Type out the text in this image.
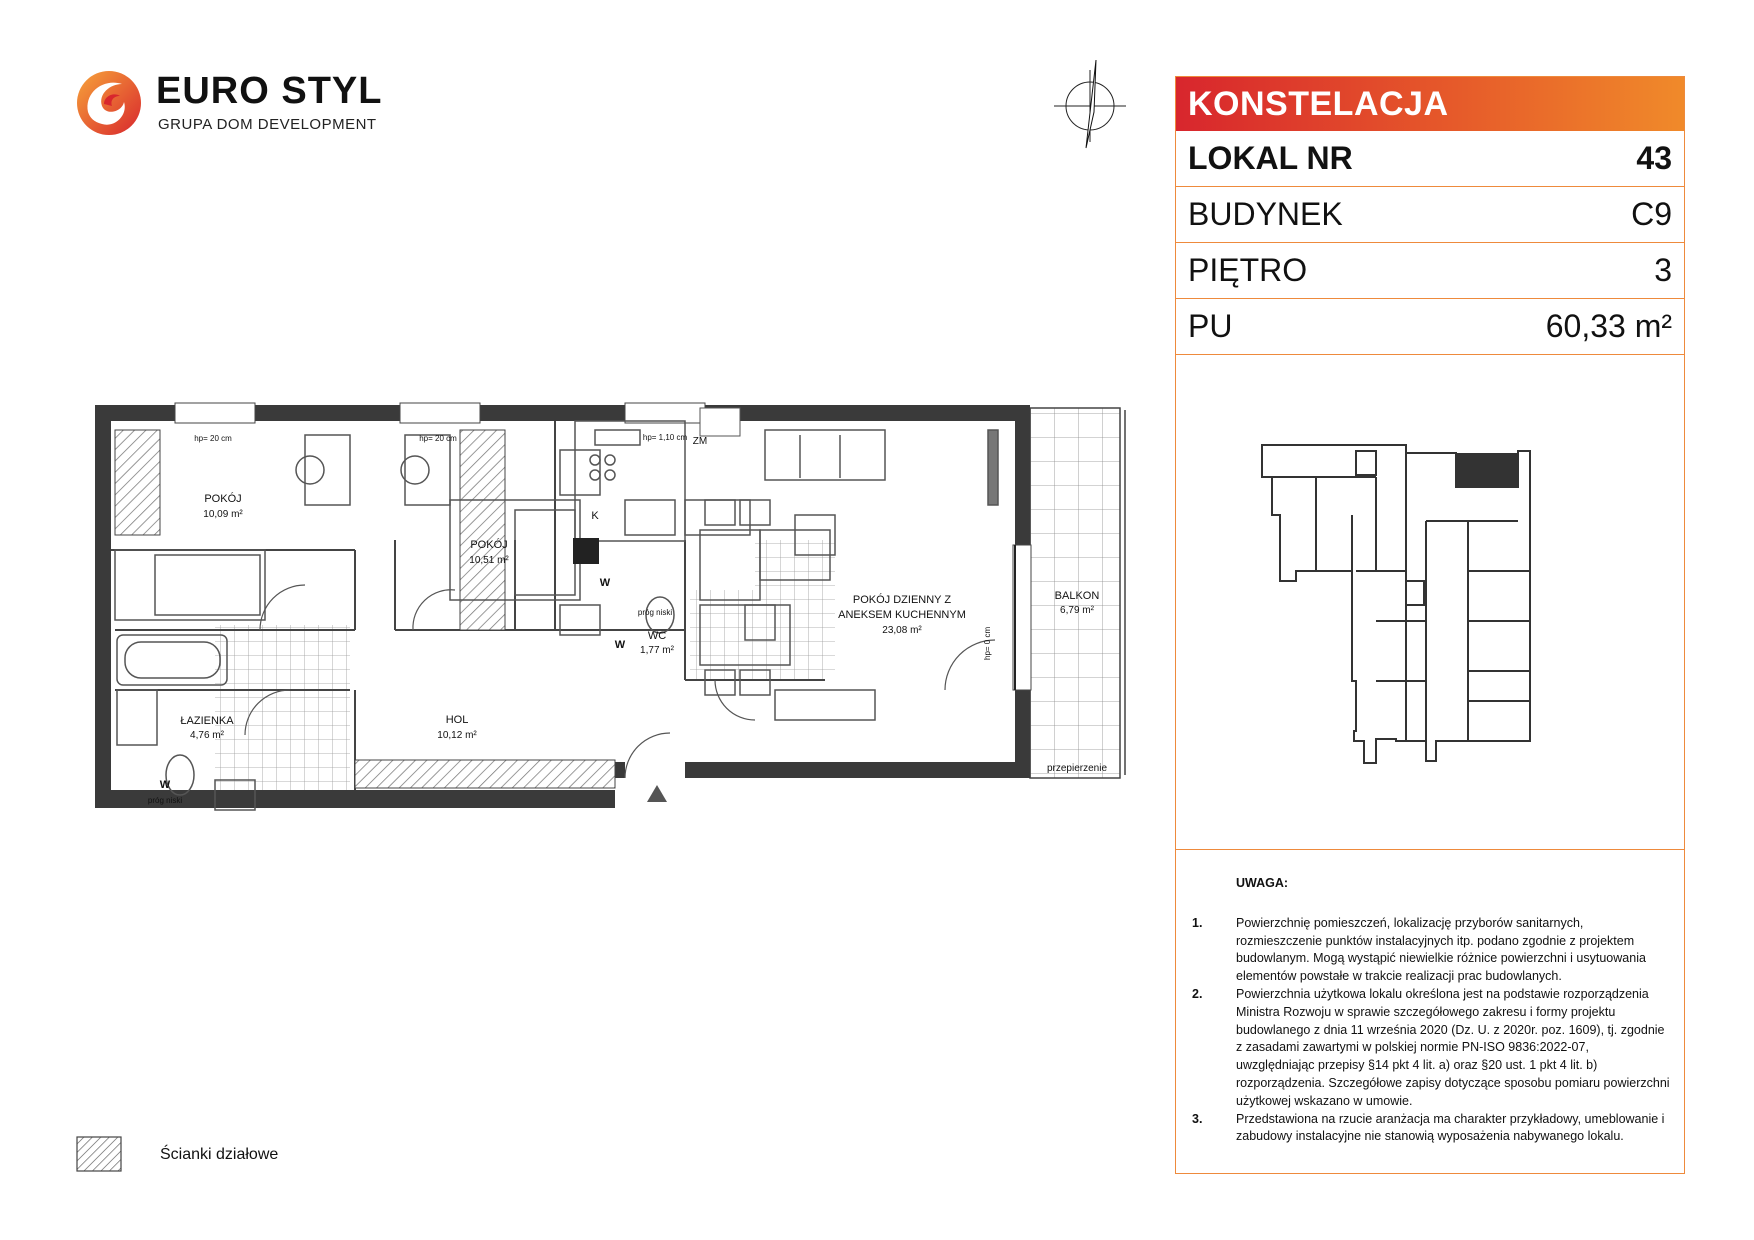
EURO STYL
GRUPA DOM DEVELOPMENT
KONSTELACJA
LOKAL NR	43
BUDYNEK	C9
PIĘTRO	3
PU	60,33 m²
UWAGA:
1.	Powierzchnię pomieszczeń, lokalizację przyborów sanitarnych, rozmieszczenie punktów instalacyjnych itp. podano zgodnie z projektem budowlanym. Mogą wystąpić niewielkie różnice powierzchni i usytuowania elementów powstałe w trakcie realizacji prac budowlanych.
2.	Powierzchnia użytkowa lokalu określona jest na podstawie rozporządzenia Ministra Rozwoju w sprawie szczegółowego zakresu i formy projektu budowlanego z dnia 11 września 2020 (Dz. U. z 2020r. poz. 1609), tj. zgodnie z zasadami zawartymi w polskiej normie PN-ISO 9836:2022-07, uwzględniając przepisy §14 pkt 4 lit. a) oraz §20 ust. 1 pkt 4 lit. b) rozporządzenia. Szczegółowe zapisy dotyczące sposobu pomiaru powierzchni użytkowej wskazano w umowie.
3.	Przedstawiona na rzucie aranżacja ma charakter przykładowy, umeblowanie i zabudowy instalacyjne nie stanowią wyposażenia nabywanego lokalu.
hp= 20 cm	hp= 20 cm	hp= 1,10 cm ZM
POKÓJ
10,09 m²
POKÓJ
10,51 m²
POKÓJ DZIENNY Z
ANEKSEM KUCHENNYM
23,08 m²
BALKON
6,79 m²
WC
1,77 m²
ŁAZIENKA
4,76 m²
HOL
10,12 m²
próg niski
próg niski
przepierzenie
W
W
W
K
hp= 0 cm
Ścianki działowe
